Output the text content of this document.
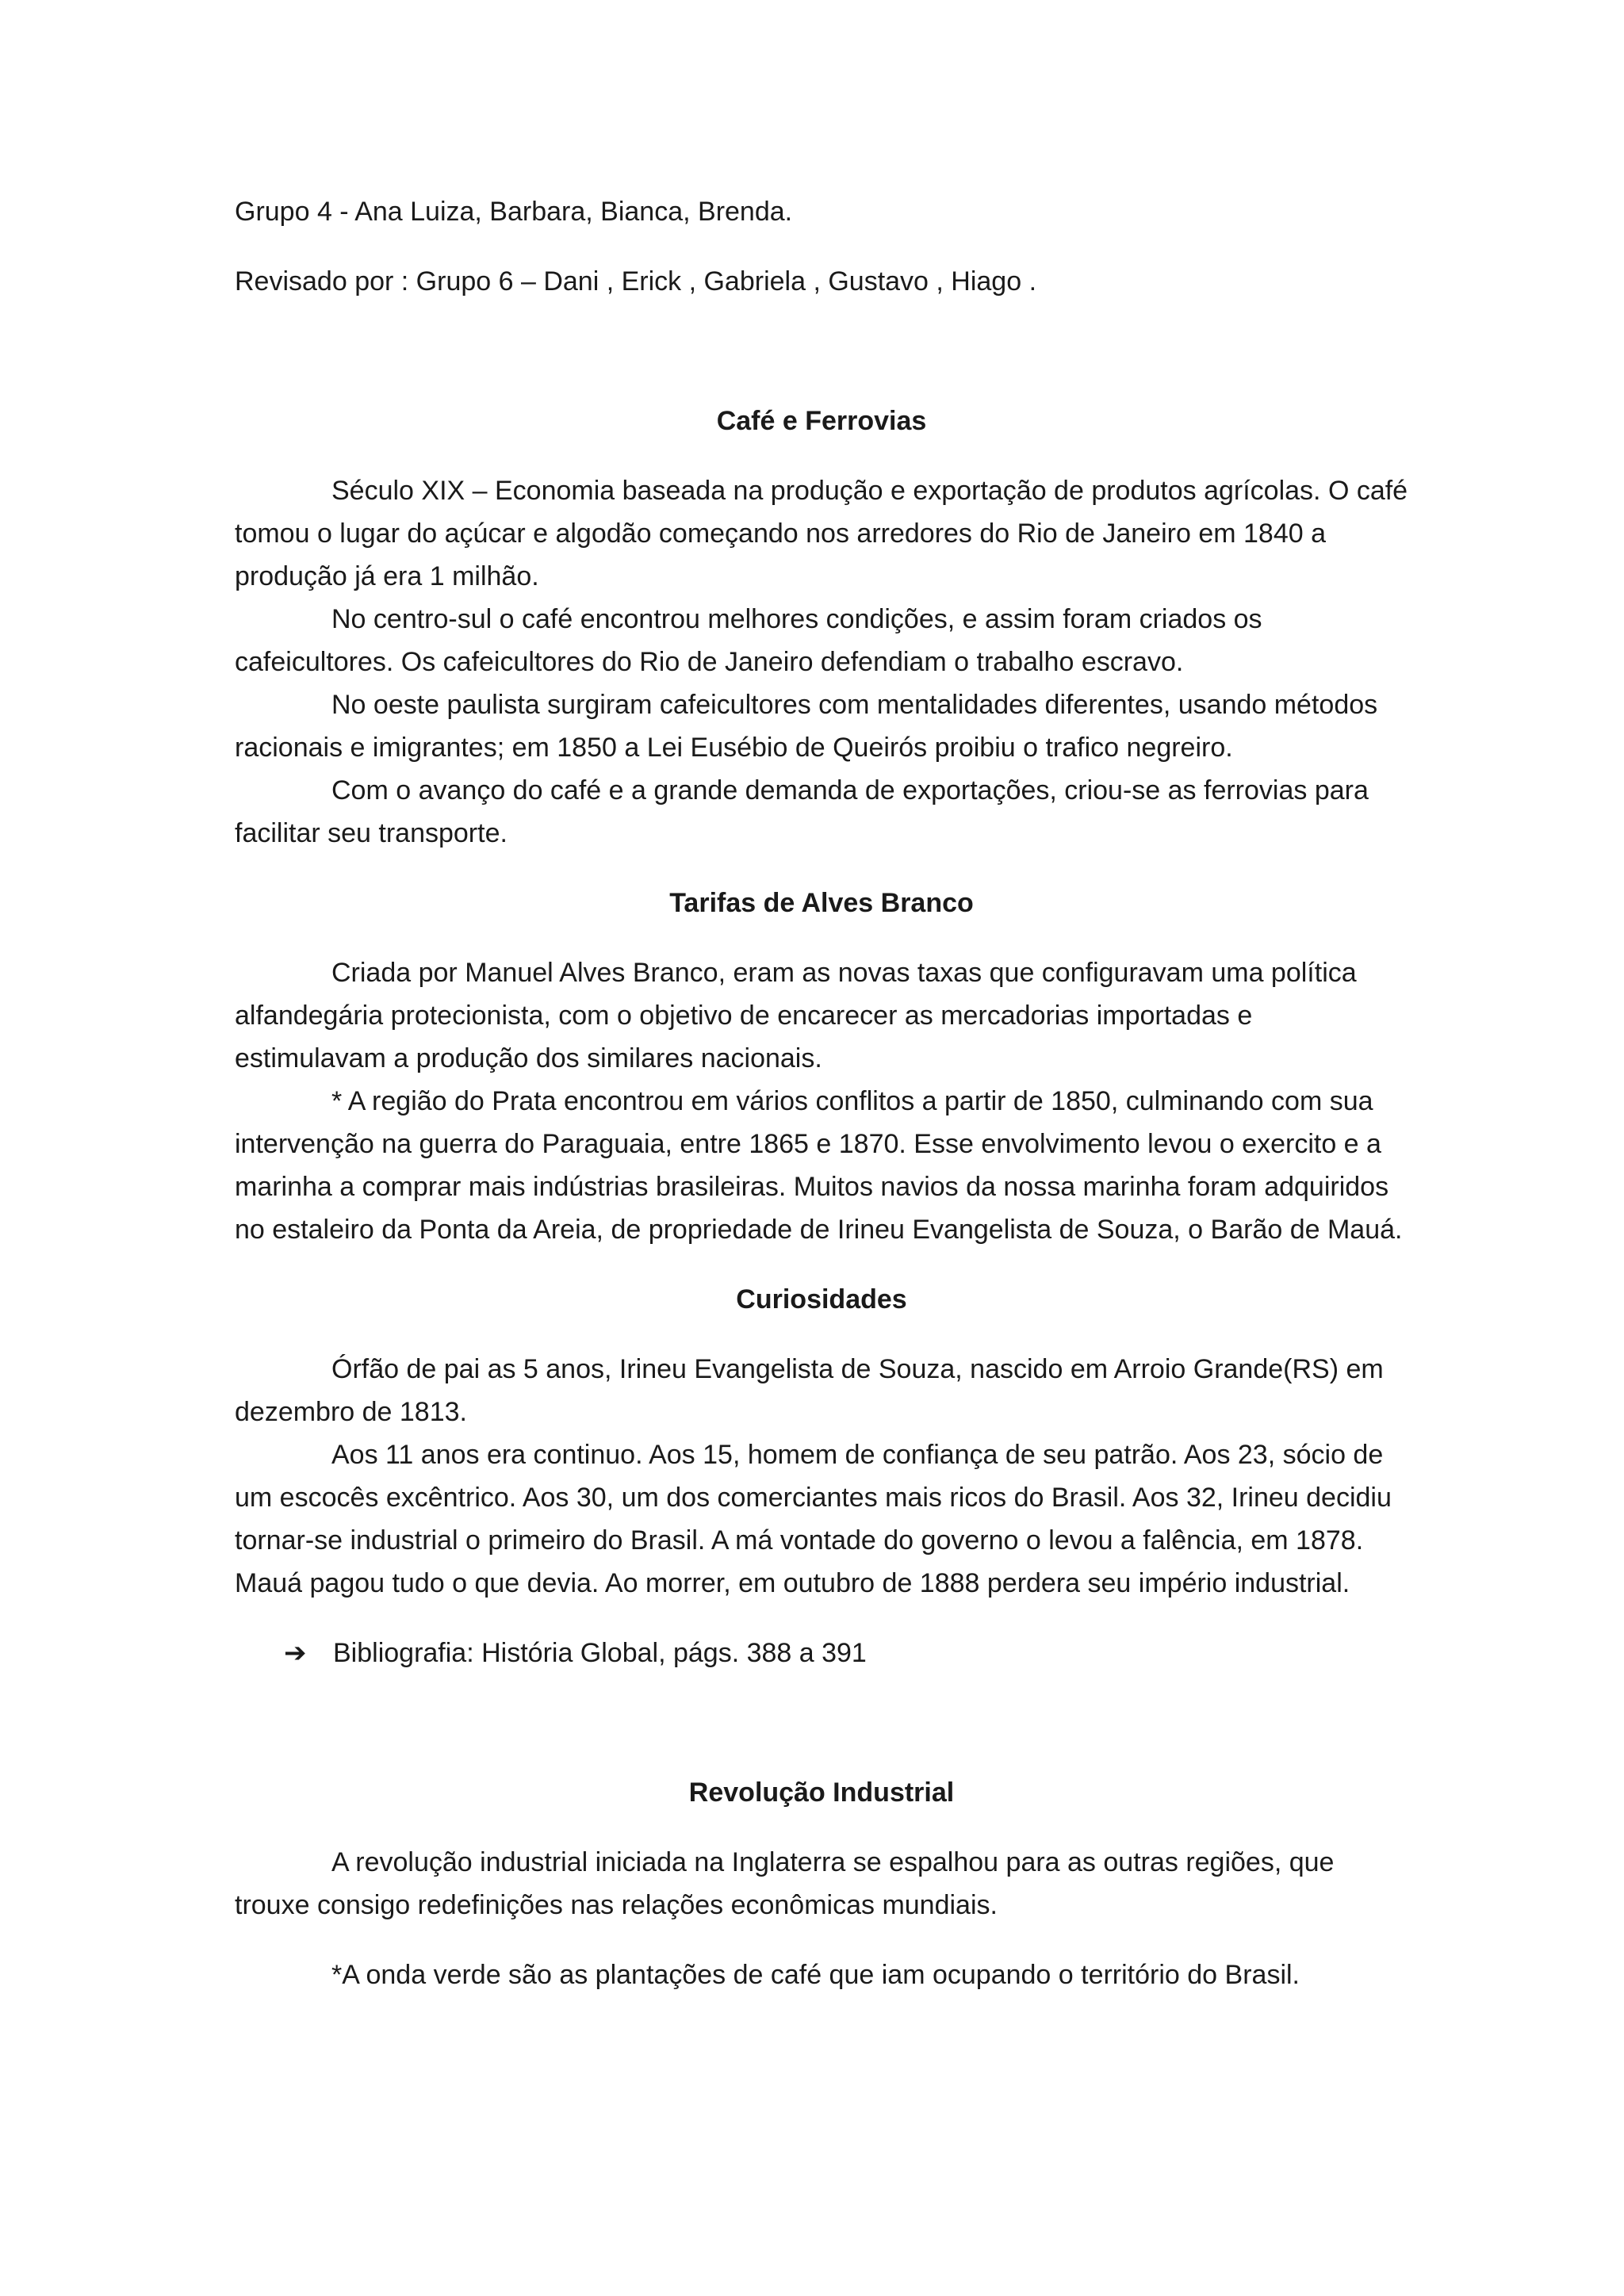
Grupo 4 - Ana Luiza, Barbara, Bianca, Brenda.

Revisado por : Grupo 6 – Dani , Erick , Gabriela , Gustavo , Hiago .

Café e Ferrovias

Século XIX – Economia baseada na produção e exportação de produtos agrícolas. O café tomou o lugar do açúcar e algodão começando nos arredores do Rio de Janeiro em 1840 a produção já era 1 milhão.

No centro-sul o café encontrou melhores condições, e assim foram criados os cafeicultores. Os cafeicultores do Rio de Janeiro defendiam o trabalho escravo.

No oeste paulista surgiram cafeicultores com mentalidades diferentes, usando métodos racionais e imigrantes; em 1850 a Lei Eusébio de Queirós proibiu o trafico negreiro.

Com o avanço do café e a grande demanda de exportações, criou-se as ferrovias para facilitar seu transporte.

Tarifas de Alves Branco

Criada por Manuel Alves Branco, eram as novas taxas que configuravam uma política alfandegária protecionista, com o objetivo de encarecer as mercadorias importadas e estimulavam a produção dos similares nacionais.

* A região do Prata encontrou em vários conflitos a partir de 1850, culminando com sua intervenção na guerra do Paraguaia, entre 1865 e 1870. Esse envolvimento levou o exercito e a marinha a comprar mais indústrias brasileiras. Muitos navios da nossa marinha foram adquiridos no estaleiro da Ponta da Areia, de propriedade de Irineu Evangelista de Souza, o Barão de Mauá.

Curiosidades

Órfão de pai as 5 anos, Irineu Evangelista de Souza, nascido em Arroio Grande(RS) em dezembro de 1813.

Aos 11 anos era continuo. Aos 15, homem de confiança de seu patrão. Aos 23, sócio de um escocês excêntrico. Aos 30, um dos comerciantes mais ricos do Brasil. Aos 32, Irineu decidiu tornar-se industrial o primeiro do Brasil. A má vontade do governo o levou a falência, em 1878. Mauá pagou tudo o que devia. Ao morrer, em outubro de 1888 perdera seu império industrial.

➔ Bibliografia: História Global, págs. 388 a 391

Revolução Industrial

A revolução industrial iniciada na Inglaterra se espalhou para as outras regiões, que trouxe consigo redefinições nas relações econômicas mundiais.

*A onda verde são as plantações de café que iam ocupando o território do Brasil.
